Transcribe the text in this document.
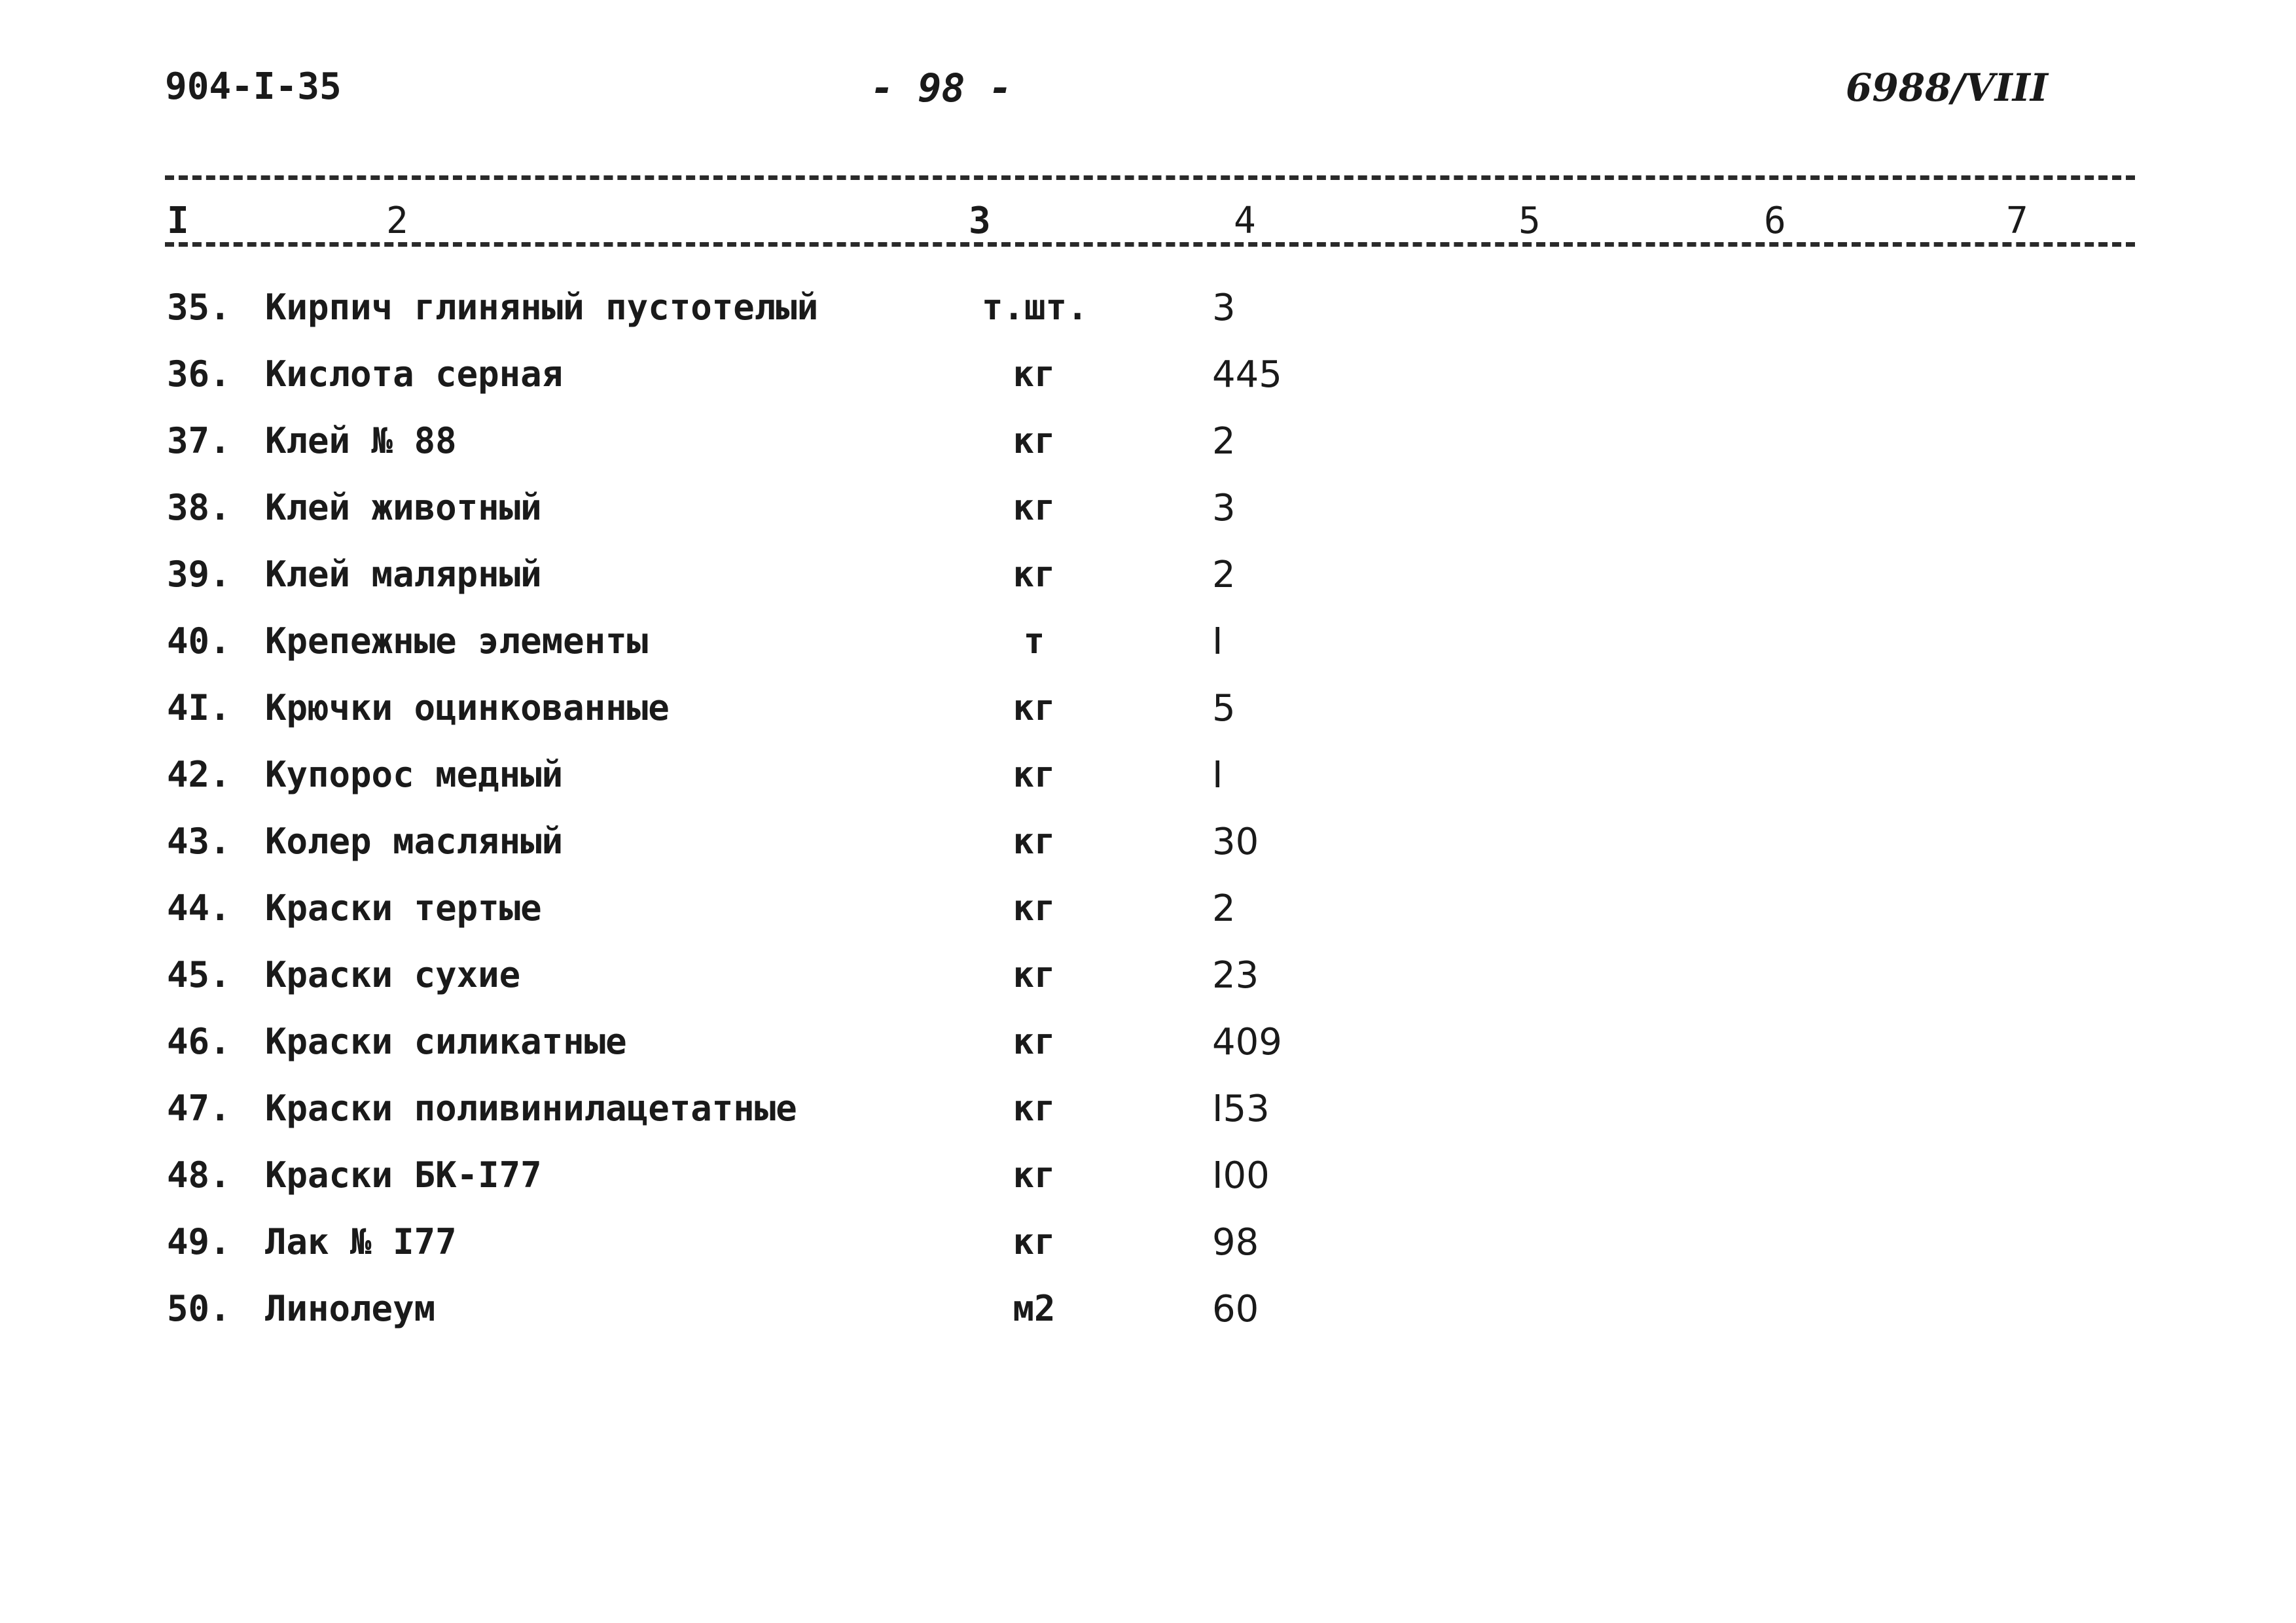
904-I-35	- 98 -	6988/VIII
I	2	3	4	5	6	7
35. Кирпич глиняный пустотелый	т.шт.	3
36. Кислота серная	кг	445
37. Клей № 88	кг	2
38. Клей животный	кг	3
39. Клей малярный	кг	2
40. Крепежные элементы	т	I
4I. Крючки оцинкованные	кг	5
42. Купорос медный	кг	I
43. Колер масляный	кг	30
44. Краски тертые	кг	2
45. Краски сухие	кг	23
46. Краски силикатные	кг	409
47. Краски поливинилацетатные	кг	I53
48. Краски БК-I77	кг	I00
49. Лак № I77	кг	98
50. Линолеум	м2	60
